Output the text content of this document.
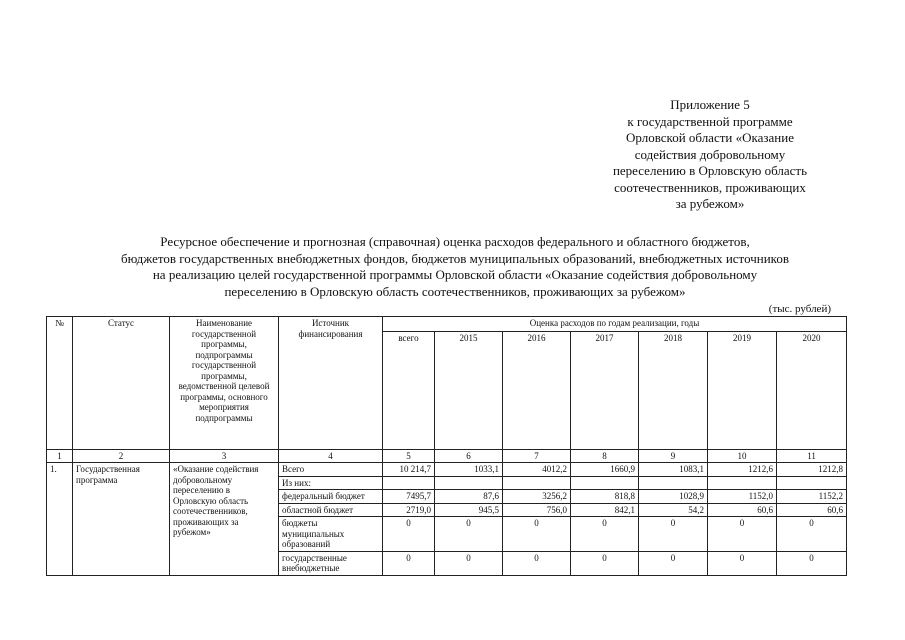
Приложение 5
к государственной программе
Орловской области «Оказание
содействия добровольному
переселению в Орловскую область
соотечественников, проживающих
за рубежом»
Ресурсное обеспечение и прогнозная (справочная) оценка расходов федерального и областного бюджетов,
бюджетов государственных внебюджетных фондов, бюджетов муниципальных образований, внебюджетных источников
на реализацию целей государственной программы Орловской области «Оказание содействия добровольному
переселению в Орловскую область соотечественников, проживающих за рубежом»
(тыс. рублей)
№	Статус	Наименование государственной программы, подпрограммы государственной программы, ведомственной целевой программы, основного мероприятия подпрограммы	Источник финансирования	Оценка расходов по годам реализации, годы						
				всего	2015	2016	2017	2018	2019	2020
1	2	3	4	5	6	7	8	9	10	11
1.	Государственная программа	«Оказание содействия добровольному переселению в Орловскую область соотечественников, проживающих за рубежом»	Всего	10 214,7	1033,1	4012,2	1660,9	1083,1	1212,6	1212,8
			Из них:							
			федеральный бюджет	7495,7	87,6	3256,2	818,8	1028,9	1152,0	1152,2
			областной бюджет	2719,0	945,5	756,0	842,1	54,2	60,6	60,6
			бюджеты муниципальных образований	0	0	0	0	0	0	0
			государственные внебюджетные	0	0	0	0	0	0	0
